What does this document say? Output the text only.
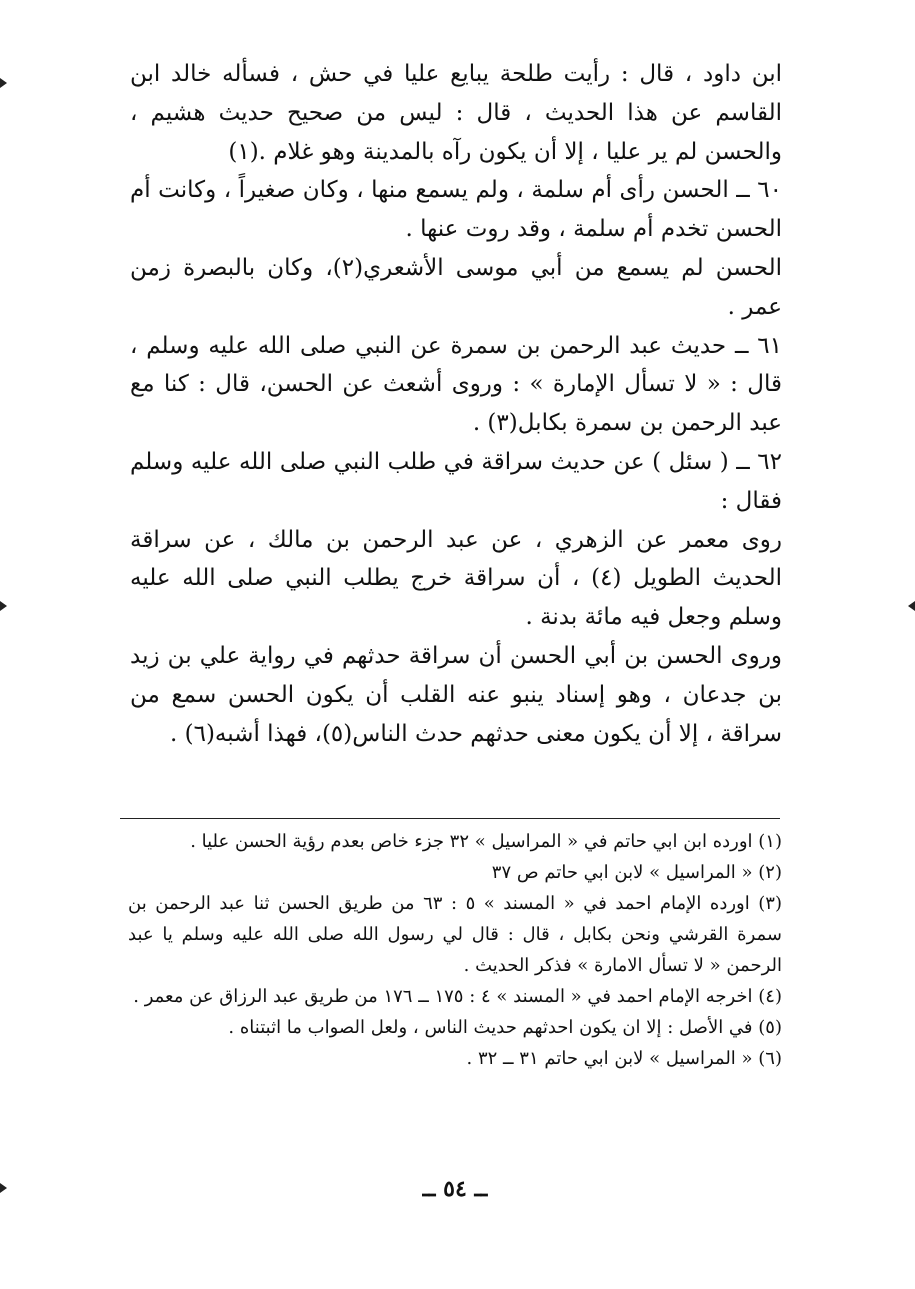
ابن داود ، قال : رأيت طلحة يبايع عليا في حش ، فسأله خالد ابن القاسم عن هذا الحديث ، قال : ليس من صحيح حديث هشيم ، والحسن لم ير عليا ، إلا أن يكون رآه بالمدينة وهو غلام .(١)

٦٠ ــ الحسن رأى أم سلمة ، ولم يسمع منها ، وكان صغيراً ، وكانت أم الحسن تخدم أم سلمة ، وقد روت عنها .

الحسن لم يسمع من أبي موسى الأشعري(٢)، وكان بالبصرة زمن عمر .

٦١ ــ حديث عبد الرحمن بن سمرة عن النبي صلى الله عليه وسلم ، قال : « لا تسأل الإمارة » : وروى أشعث عن الحسن، قال : كنا مع عبد الرحمن بن سمرة بكابل(٣) .

٦٢ ــ ( سئل ) عن حديث سراقة في طلب النبي صلى الله عليه وسلم فقال :

روى معمر عن الزهري ، عن عبد الرحمن بن مالك ، عن سراقة الحديث الطويل (٤) ، أن سراقة خرج يطلب النبي صلى الله عليه وسلم وجعل فيه مائة بدنة .

وروى الحسن بن أبي الحسن أن سراقة حدثهم في رواية علي بن زيد بن جدعان ، وهو إسناد ينبو عنه القلب أن يكون الحسن سمع من سراقة ، إلا أن يكون معنى حدثهم حدث الناس(٥)، فهذا أشبه(٦) .

(١) اورده ابن ابي حاتم في « المراسيل » ٣٢ جزء خاص بعدم رؤية الحسن عليا .

(٢) « المراسيل » لابن ابي حاتم ص ٣٧

(٣) اورده الإمام احمد في « المسند » ٥ : ٦٣ من طريق الحسن ثنا عبد الرحمن بن سمرة القرشي ونحن بكابل ، قال : قال لي رسول الله صلى الله عليه وسلم يا عبد الرحمن « لا تسأل الامارة » فذكر الحديث .

(٤) اخرجه الإمام احمد في « المسند » ٤ : ١٧٥ ــ ١٧٦ من طريق عبد الرزاق عن معمر .

(٥) في الأصل : إلا ان يكون احدثهم حديث الناس ، ولعل الصواب ما اثبتناه .

(٦) « المراسيل » لابن ابي حاتم ٣١ ــ ٣٢ .

ــ ٥٤ ــ
